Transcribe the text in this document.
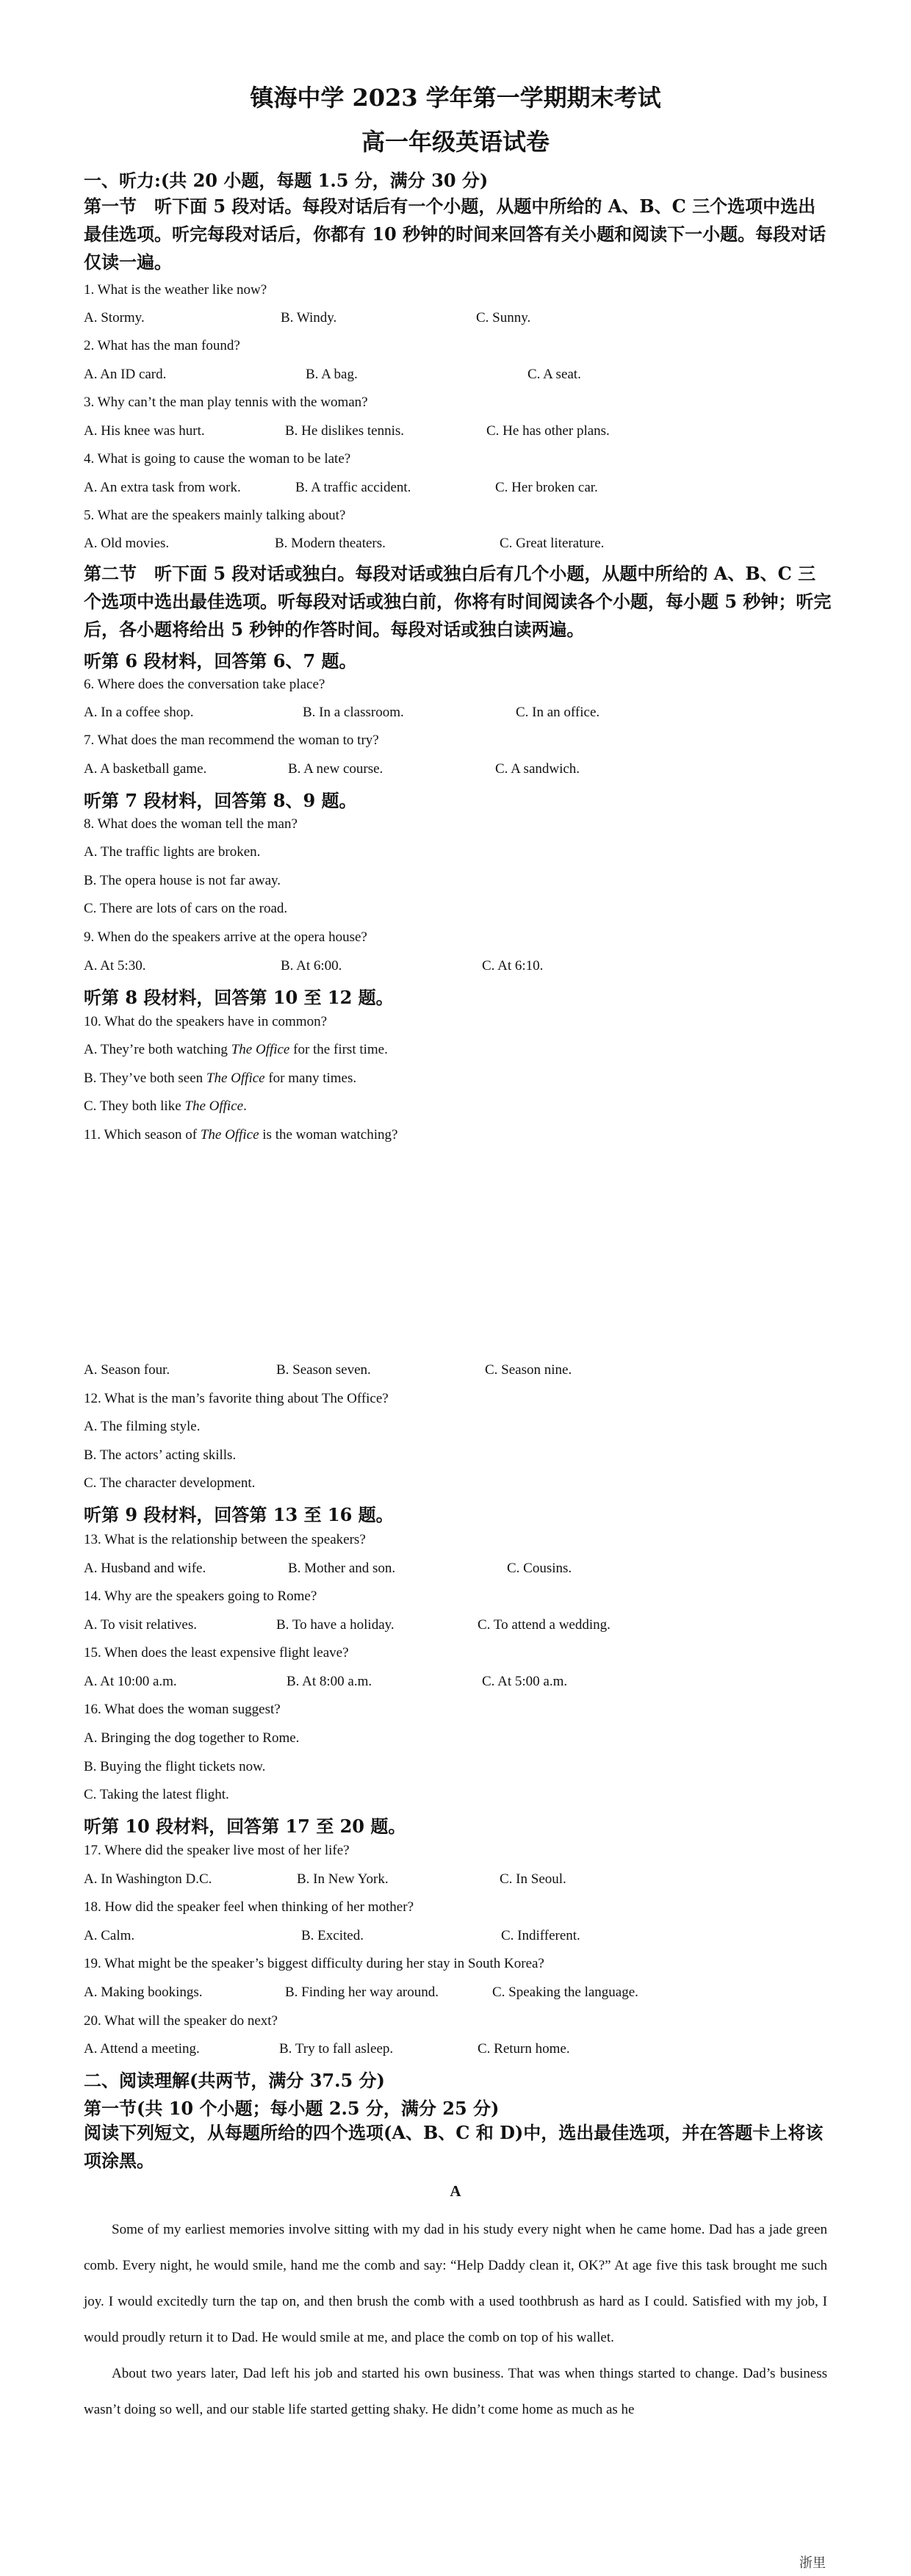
镇海中学 2023 学年第一学期期末考试
高一年级英语试卷
一、听力:(共 20 小题，每题 1.5 分，满分 30 分)
第一节　听下面 5 段对话。每段对话后有一个小题，从题中所给的 A、B、C 三个选项中选出最佳选项。听完每段对话后，你都有 10 秒钟的时间来回答有关小题和阅读下一小题。每段对话仅读一遍。
1. What is the weather like now?
A. Stormy.	B. Windy.	C. Sunny.
2. What has the man found?
A. An ID card.	B. A bag.	C. A seat.
3. Why can’t the man play tennis with the woman?
A. His knee was hurt.	B. He dislikes tennis.	C. He has other plans.
4. What is going to cause the woman to be late?
A. An extra task from work.	B. A traffic accident.	C. Her broken car.
5. What are the speakers mainly talking about?
A. Old movies.	B. Modern theaters.	C. Great literature.
第二节　听下面 5 段对话或独白。每段对话或独白后有几个小题，从题中所给的 A、B、C 三个选项中选出最佳选项。听每段对话或独白前，你将有时间阅读各个小题，每小题 5 秒钟；听完后，各小题将给出 5 秒钟的作答时间。每段对话或独白读两遍。
听第 6 段材料，回答第 6、7 题。
6. Where does the conversation take place?
A. In a coffee shop.	B. In a classroom.	C. In an office.
7. What does the man recommend the woman to try?
A. A basketball game.	B. A new course.	C. A sandwich.
听第 7 段材料，回答第 8、9 题。
8. What does the woman tell the man?
A. The traffic lights are broken.
B. The opera house is not far away.
C. There are lots of cars on the road.
9. When do the speakers arrive at the opera house?
A. At 5:30.	B. At 6:00.	C. At 6:10.
听第 8 段材料，回答第 10 至 12 题。
10. What do the speakers have in common?
A. They’re both watching The Office for the first time.
B. They’ve both seen The Office for many times.
C. They both like The Office.
11. Which season of The Office is the woman watching?
A. Season four.	B. Season seven.	C. Season nine.
12. What is the man’s favorite thing about The Office?
A. The filming style.
B. The actors’ acting skills.
C. The character development.
听第 9 段材料，回答第 13 至 16 题。
13. What is the relationship between the speakers?
A. Husband and wife.	B. Mother and son.	C. Cousins.
14. Why are the speakers going to Rome?
A. To visit relatives.	B. To have a holiday.	C. To attend a wedding.
15. When does the least expensive flight leave?
A. At 10:00 a.m.	B. At 8:00 a.m.	C. At 5:00 a.m.
16. What does the woman suggest?
A. Bringing the dog together to Rome.
B. Buying the flight tickets now.
C. Taking the latest flight.
听第 10 段材料，回答第 17 至 20 题。
17. Where did the speaker live most of her life?
A. In Washington D.C.	B. In New York.	C. In Seoul.
18. How did the speaker feel when thinking of her mother?
A. Calm.	B. Excited.	C. Indifferent.
19. What might be the speaker’s biggest difficulty during her stay in South Korea?
A. Making bookings.	B. Finding her way around.	C. Speaking the language.
20. What will the speaker do next?
A. Attend a meeting.	B. Try to fall asleep.	C. Return home.
二、阅读理解(共两节，满分 37.5 分)
第一节(共 10 个小题；每小题 2.5 分，满分 25 分)
阅读下列短文，从每题所给的四个选项(A、B、C 和 D)中，选出最佳选项，并在答题卡上将该项涂黑。
A

Some of my earliest memories involve sitting with my dad in his study every night when he came home. Dad has a jade green comb. Every night, he would smile, hand me the comb and say: “Help Daddy clean it, OK?” At age five this task brought me such joy. I would excitedly turn the tap on, and then brush the comb with a used toothbrush as hard as I could. Satisfied with my job, I would proudly return it to Dad. He would smile at me, and place the comb on top of his wallet.

About two years later, Dad left his job and started his own business. That was when things started to change. Dad’s business wasn’t doing so well, and our stable life started getting shaky. He didn’t come home as much as he

浙里
